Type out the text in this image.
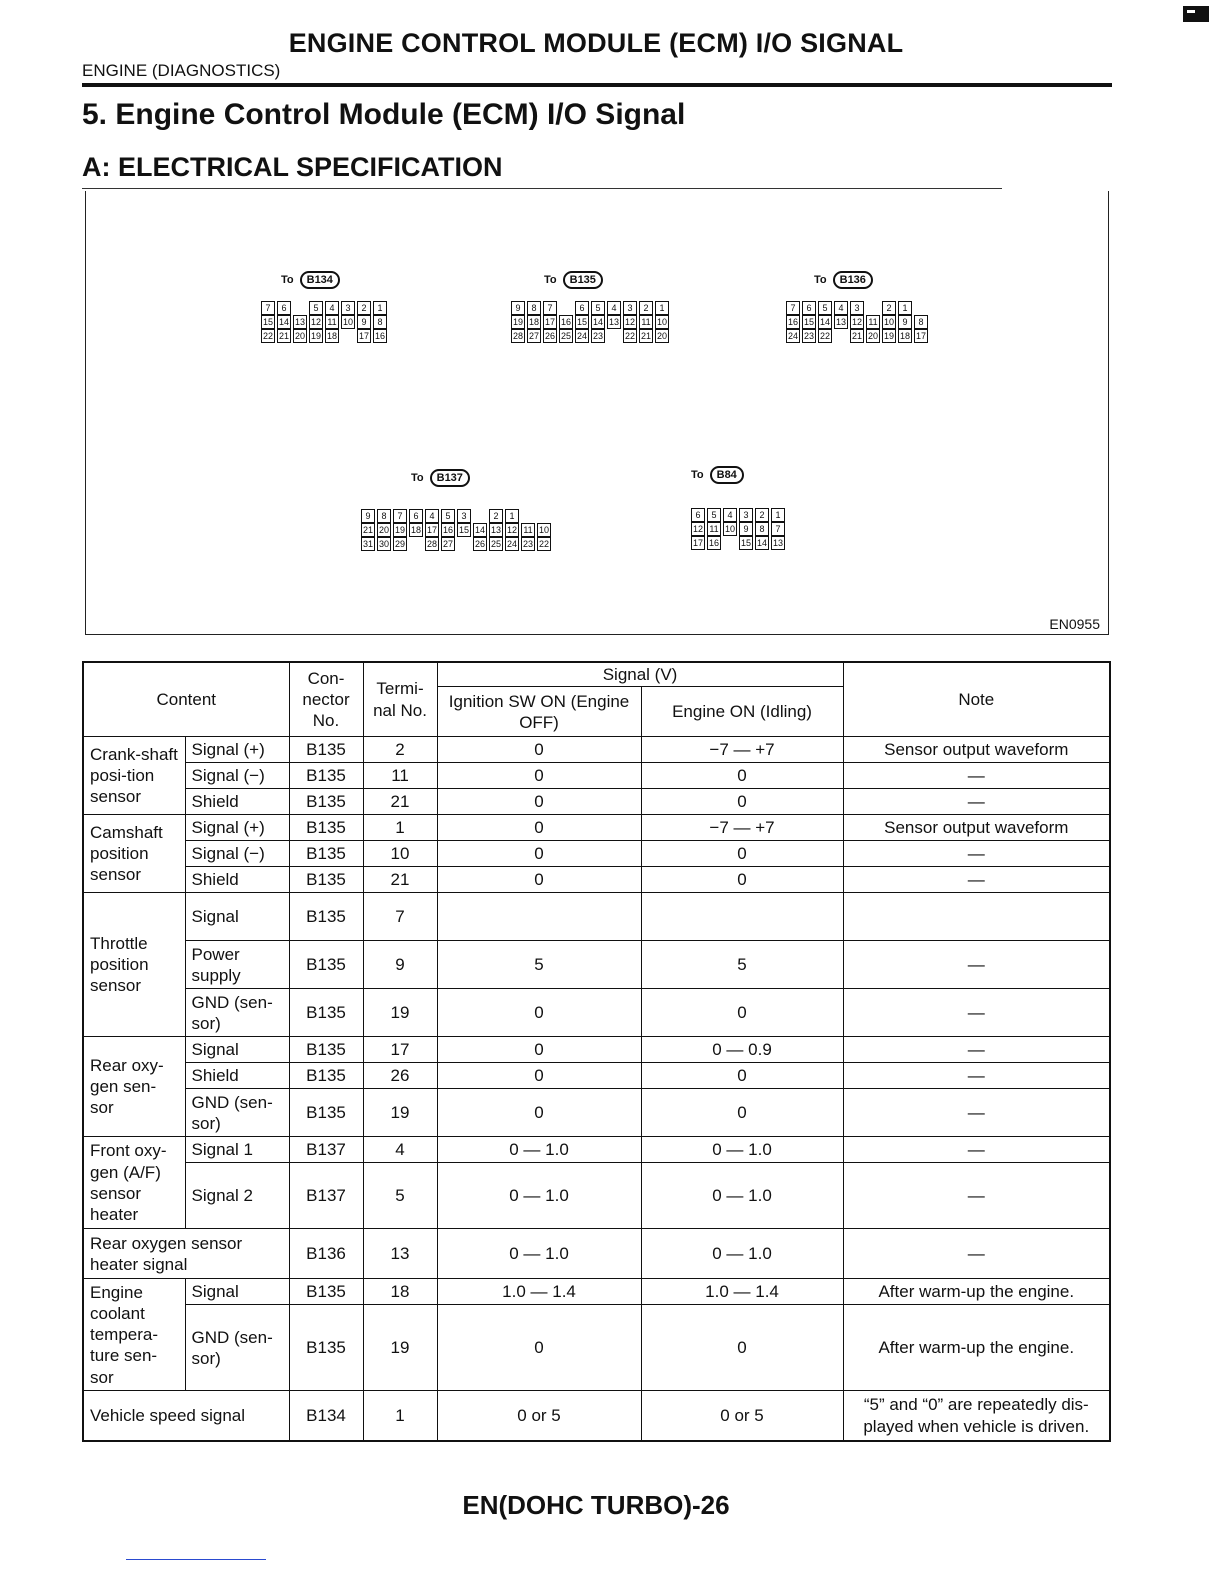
ENGINE CONTROL MODULE (ECM) I/O SIGNAL
ENGINE (DIAGNOSTICS)
5. Engine Control Module (ECM) I/O Signal
A: ELECTRICAL SPECIFICATION
To	B134
7	6	5	4	3	2	1
15 14 13 12 11 10 9	8
22 21 20 19 18 17 16
To	B135
9	8	7	6	5	4	3	2	1
19 18 17 16 15 14 13 12 11 10
28 27 26 25 24 23 22 21 20
To	B136
7	6	5	4	3	2	1
16 15 14 13 12 11 10 9	8
24 23 22 21 20 19 18 17
To	B137
9	8	7	6	4	5	3	2	1
21 20 19 18 17 16 15 14 13 12 11 10
31 30 29 28 27 26 25 24 23 22
To	B84
6	5	4	3	2	1
12 11 10 9	8	7
17 16 15 14 13
EN0955
Content		Con-nector No.	Termi-nal No.	Signal (V)		Note
				Ignition SW ON (Engine OFF)	Engine ON (Idling)	
Crank-shaft posi-tion sensor	Signal (+)	B135	2	0	−7 — +7	Sensor output waveform
	Signal (−)	B135	11	0	0	—
	Shield	B135	21	0	0	—
Camshaft position sensor	Signal (+)	B135	1	0	−7 — +7	Sensor output waveform
	Signal (−)	B135	10	0	0	—
	Shield	B135	21	0	0	—
Throttle position sensor	Signal	B135	7			
	Power supply	B135	9	5	5	—
	GND (sen-sor)	B135	19	0	0	—
Rear oxy-gen sen-sor	Signal	B135	17	0	0 — 0.9	—
	Shield	B135	26	0	0	—
	GND (sen-sor)	B135	19	0	0	—
Front oxy-gen (A/F) sensor heater	Signal 1	B137	4	0 — 1.0	0 — 1.0	—
	Signal 2	B137	5	0 — 1.0	0 — 1.0	—
Rear oxygen sensor heater signal		B136	13	0 — 1.0	0 — 1.0	—
Engine coolant tempera-ture sen-sor	Signal	B135	18	1.0 — 1.4	1.0 — 1.4	After warm-up the engine.
	GND (sen-sor)	B135	19	0	0	After warm-up the engine.
Vehicle speed signal		B134	1	0 or 5	0 or 5	“5” and “0” are repeatedly dis-played when vehicle is driven.
EN(DOHC TURBO)-26
